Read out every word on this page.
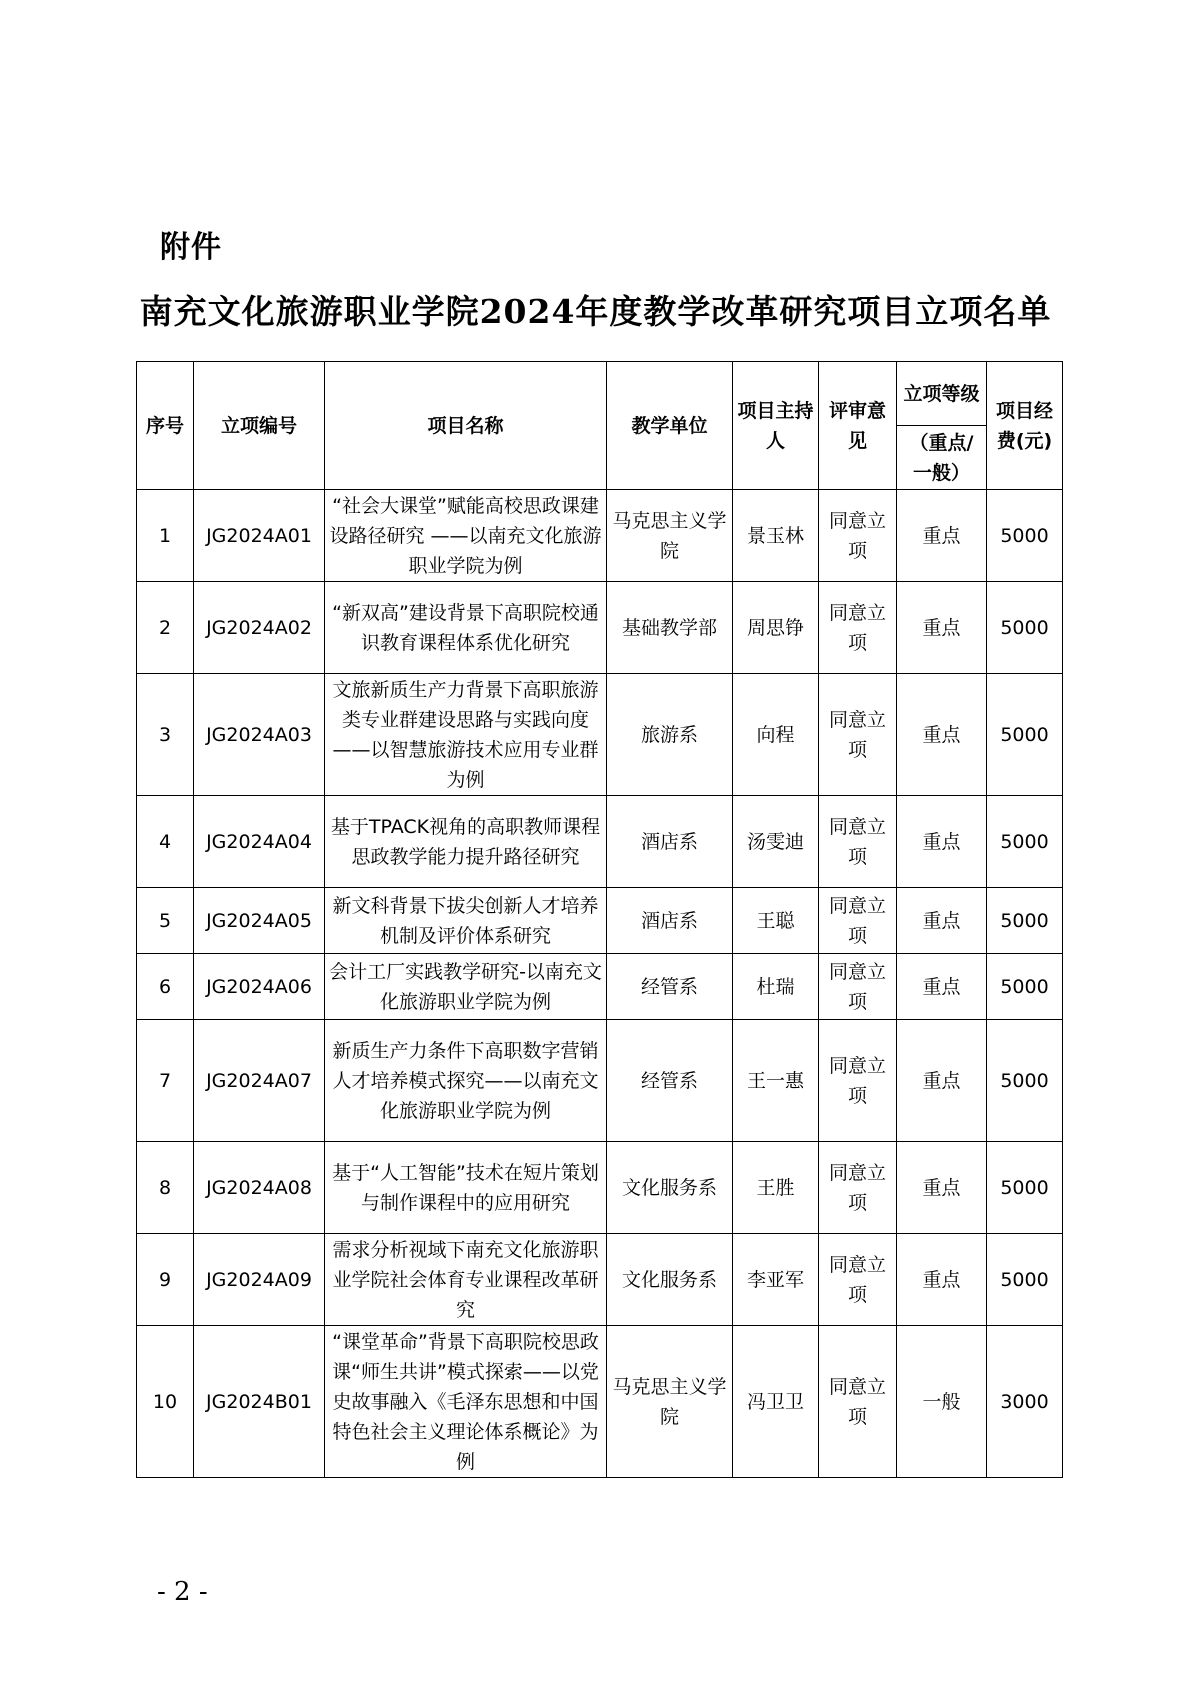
附件
南充文化旅游职业学院2024年度教学改革研究项目立项名单
序号	立项编号	项目名称	教学单位	项目主持人	评审意见	立项等级	项目经费(元)
						（重点/一般）	
1	JG2024A01	“社会大课堂”赋能高校思政课建设路径研究 ——以南充文化旅游职业学院为例	马克思主义学院	景玉林	同意立项	重点	5000
2	JG2024A02	“新双高”建设背景下高职院校通识教育课程体系优化研究	基础教学部	周思铮	同意立项	重点	5000
3	JG2024A03	文旅新质生产力背景下高职旅游类专业群建设思路与实践向度——以智慧旅游技术应用专业群为例	旅游系	向程	同意立项	重点	5000
4	JG2024A04	基于TPACK视角的高职教师课程思政教学能力提升路径研究	酒店系	汤雯迪	同意立项	重点	5000
5	JG2024A05	新文科背景下拔尖创新人才培养机制及评价体系研究	酒店系	王聪	同意立项	重点	5000
6	JG2024A06	会计工厂实践教学研究-以南充文化旅游职业学院为例	经管系	杜瑞	同意立项	重点	5000
7	JG2024A07	新质生产力条件下高职数字营销人才培养模式探究——以南充文化旅游职业学院为例	经管系	王一惠	同意立项	重点	5000
8	JG2024A08	基于“人工智能”技术在短片策划与制作课程中的应用研究	文化服务系	王胜	同意立项	重点	5000
9	JG2024A09	需求分析视域下南充文化旅游职业学院社会体育专业课程改革研究	文化服务系	李亚军	同意立项	重点	5000
10	JG2024B01	“课堂革命”背景下高职院校思政课“师生共讲”模式探索——以党史故事融入《毛泽东思想和中国特色社会主义理论体系概论》为例	马克思主义学院	冯卫卫	同意立项	一般	3000
- 2 -
